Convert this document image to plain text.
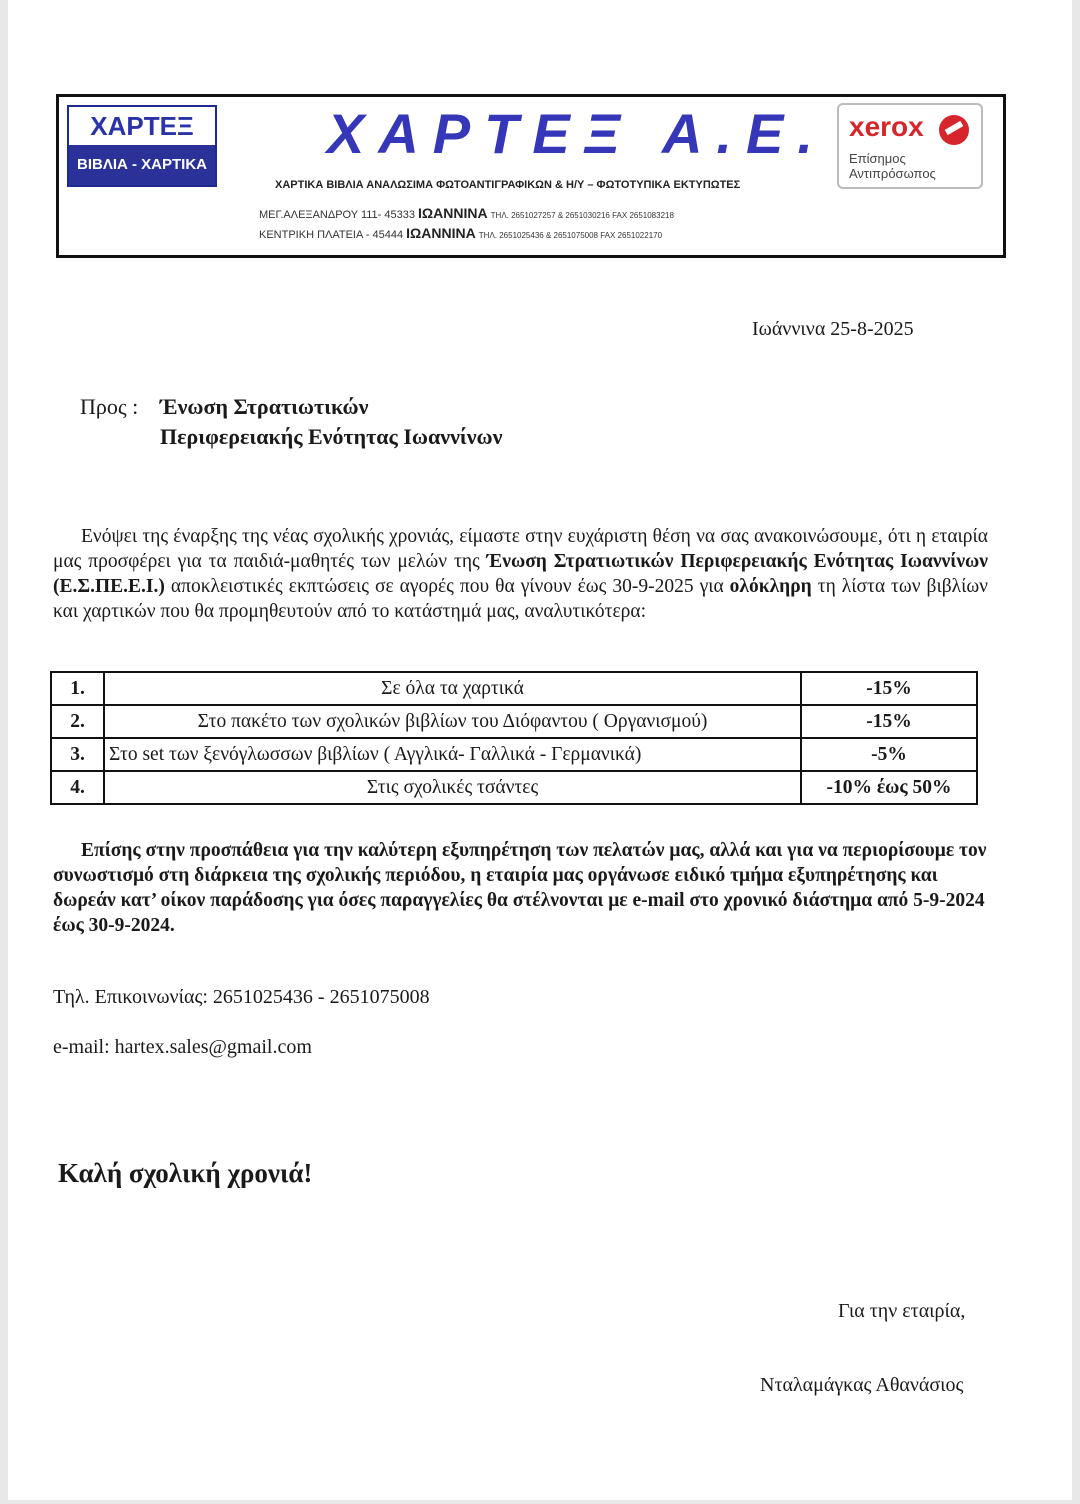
ΧΑΡΤΕΞ
ΒΙΒΛΙΑ - ΧΑΡΤΙΚΑ ΧΑΡΤΕΞ Α.Ε.
ΧΑΡΤΙΚΑ ΒΙΒΛΙΑ ΑΝΑΛΩΣΙΜΑ ΦΩΤΟΑΝΤΙΓΡΑΦΙΚΩΝ & Η/Υ – ΦΩΤΟΤΥΠΙΚΑ ΕΚΤΥΠΩΤΕΣ
ΜΕΓ.ΑΛΕΞΑΝΔΡΟΥ 111- 45333 ΙΩΑΝΝΙΝΑ ΤΗΛ. 2651027257 & 2651030216 FAX 2651083218
ΚΕΝΤΡΙΚΗ ΠΛΑΤΕΙΑ - 45444 ΙΩΑΝΝΙΝΑ ΤΗΛ. 2651025436 & 2651075008 FAX 2651022170
xerox
Επίσημος
Αντιπρόσωπος
Ιωάννινα 25-8-2025
Προς : Ένωση Στρατιωτικών
Περιφερειακής Ενότητας Ιωαννίνων
Ενόψει της έναρξης της νέας σχολικής χρονιάς, είμαστε στην ευχάριστη θέση να σας ανακοινώσουμε, ότι η εταιρία μας προσφέρει για τα παιδιά-μαθητές των μελών της Ένωση Στρατιωτικών Περιφερειακής Ενότητας Ιωαννίνων (Ε.Σ.ΠΕ.Ε.Ι.) αποκλειστικές εκπτώσεις σε αγορές που θα γίνουν έως 30-9-2025 για ολόκληρη τη λίστα των βιβλίων και χαρτικών που θα προμηθευτούν από το κατάστημά μας, αναλυτικότερα:
1.	Σε όλα τα χαρτικά	-15%
2.	Στο πακέτο των σχολικών βιβλίων του Διόφαντου ( Οργανισμού)	-15%
3.	Στο set των ξενόγλωσσων βιβλίων ( Αγγλικά- Γαλλικά - Γερμανικά)	-5%
4.	Στις σχολικές τσάντες	-10% έως 50%
Επίσης στην προσπάθεια για την καλύτερη εξυπηρέτηση των πελατών μας, αλλά και για να περιορίσουμε τον συνωστισμό στη διάρκεια της σχολικής περιόδου, η εταιρία μας οργάνωσε ειδικό τμήμα εξυπηρέτησης και δωρεάν κατ’ οίκον παράδοσης για όσες παραγγελίες θα στέλνονται με e-mail στο χρονικό διάστημα από 5-9-2024 έως 30-9-2024.
Τηλ. Επικοινωνίας: 2651025436 - 2651075008
e-mail: hartex.sales@gmail.com
Καλή σχολική χρονιά!
Για την εταιρία,
Νταλαμάγκας Αθανάσιος
